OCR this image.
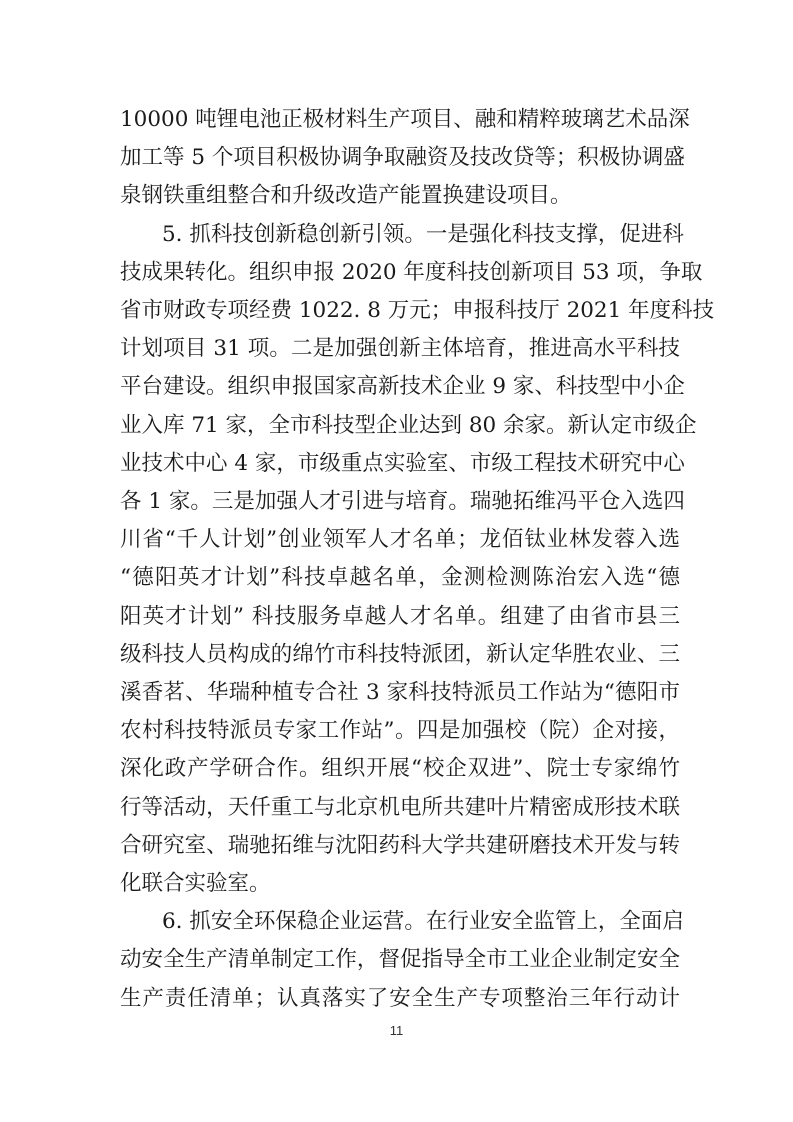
10000 吨锂电池正极材料生产项目、融和精粹玻璃艺术品深
加工等 5 个项目积极协调争取融资及技改贷等；积极协调盛
泉钢铁重组整合和升级改造产能置换建设项目。
5. 抓科技创新稳创新引领。一是强化科技支撑，促进科
技成果转化。组织申报 2020 年度科技创新项目 53 项，争取
省市财政专项经费 1022. 8 万元；申报科技厅 2021 年度科技
计划项目 31 项。二是加强创新主体培育，推进高水平科技
平台建设。组织申报国家高新技术企业 9 家、科技型中小企
业入库 71 家，全市科技型企业达到 80 余家。新认定市级企
业技术中心 4 家，市级重点实验室、市级工程技术研究中心
各 1 家。三是加强人才引进与培育。瑞驰拓维冯平仓入选四
川省“千人计划”创业领军人才名单；龙佰钛业林发蓉入选
“德阳英才计划”科技卓越名单，金测检测陈治宏入选“德
阳英才计划” 科技服务卓越人才名单。组建了由省市县三
级科技人员构成的绵竹市科技特派团，新认定华胜农业、三
溪香茗、华瑞种植专合社 3 家科技特派员工作站为“德阳市
农村科技特派员专家工作站”。四是加强校（院）企对接，
深化政产学研合作。组织开展“校企双进”、院士专家绵竹
行等活动，天仟重工与北京机电所共建叶片精密成形技术联
合研究室、瑞驰拓维与沈阳药科大学共建研磨技术开发与转
化联合实验室。
6. 抓安全环保稳企业运营。在行业安全监管上，全面启
动安全生产清单制定工作，督促指导全市工业企业制定安全
生产责任清单；认真落实了安全生产专项整治三年行动计
11
